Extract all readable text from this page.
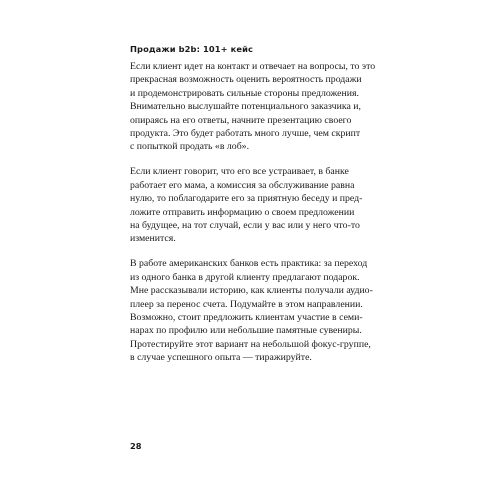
Продажи b2b: 101+ кейс

Если клиент идет на контакт и отвечает на вопросы, то это
прекрасная возможность оценить вероятность продажи
и продемонстрировать сильные стороны предложения.
Внимательно выслушайте потенциального заказчика и,
опираясь на его ответы, начните презентацию своего
продукта. Это будет работать много лучше, чем скрипт
с попыткой продать «в лоб».

Если клиент говорит, что его все устраивает, в банке
работает его мама, а комиссия за обслуживание равна
нулю, то поблагодарите его за приятную беседу и пред-
ложите отправить информацию о своем предложении
на будущее, на тот случай, если у вас или у него что-то
изменится.

В работе американских банков есть практика: за переход
из одного банка в другой клиенту предлагают подарок.
Мне рассказывали историю, как клиенты получали аудио-
плеер за перенос счета. Подумайте в этом направлении.
Возможно, стоит предложить клиентам участие в семи-
нарах по профилю или небольшие памятные сувениры.
Протестируйте этот вариант на небольшой фокус-группе,
в случае успешного опыта — тиражируйте.

28
